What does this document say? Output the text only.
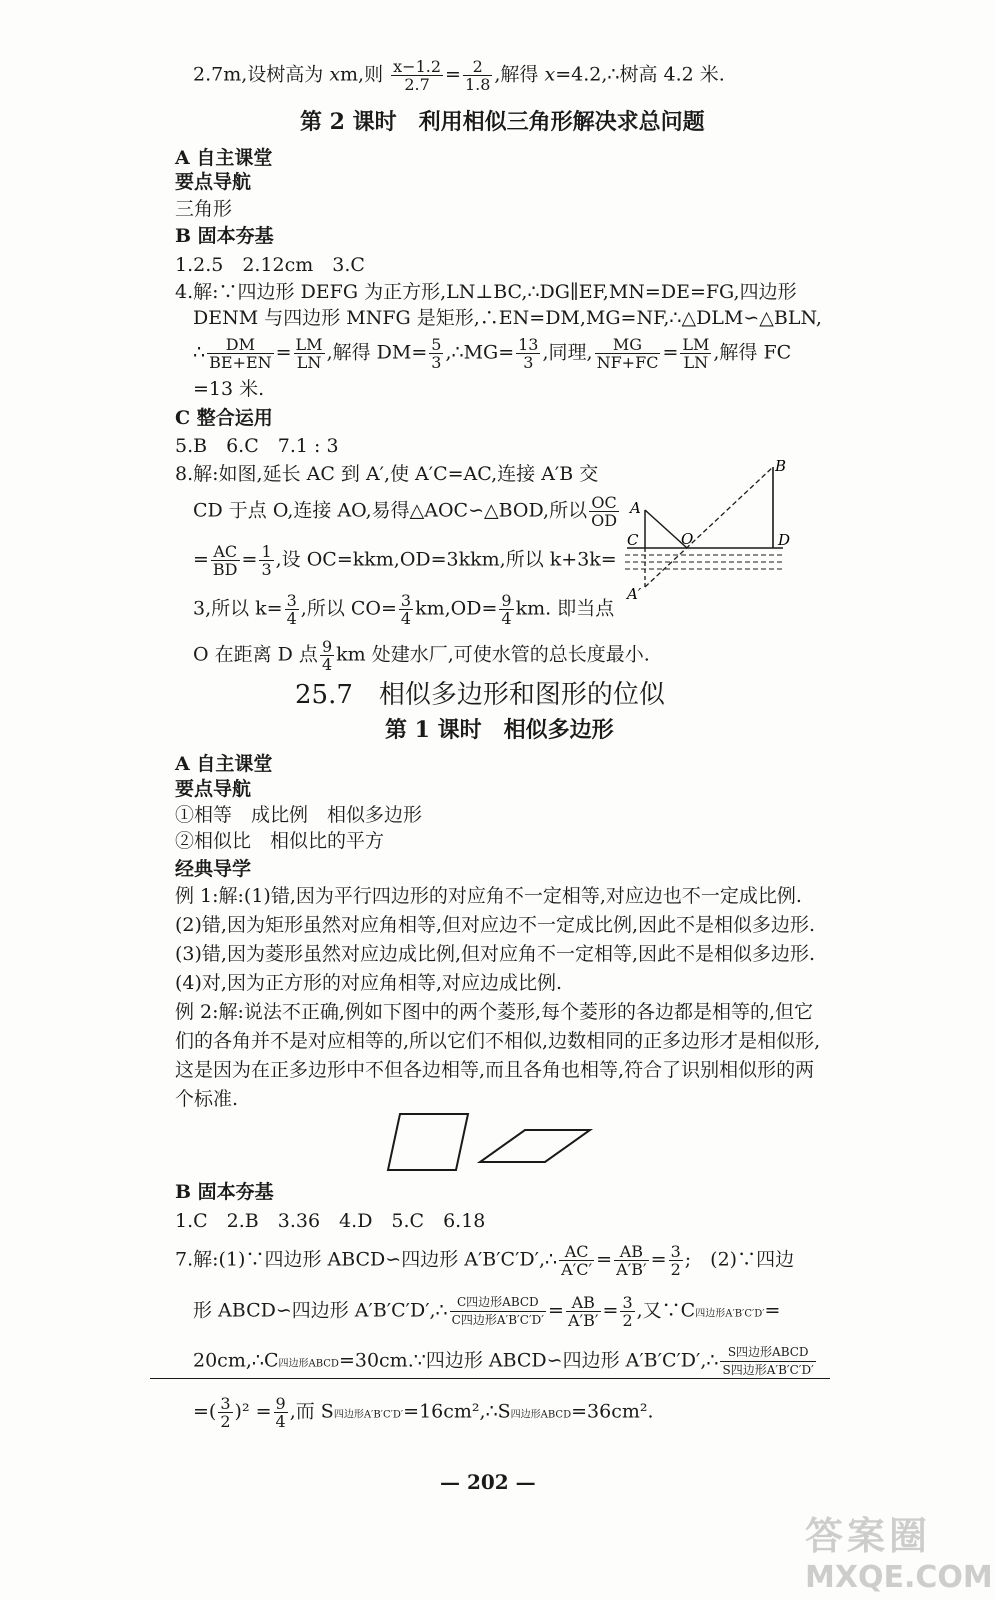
2.7m,设树高为 xm,则 $\frac{x-1.2}{2.7} = \frac{2}{1.8}$ ,解得 x=4.2,∴树高 4.2 米.
第 2 课时　利用相似三角形解决求总问题
A 自主课堂
要点导航
三角形
B 固本夯基
1.2.5　2.12cm　3.C
4.解:∵四边形 DEFG 为正方形,LN⊥BC,∴DG∥EF,MN=DE=FG,四边形
DENM 与四边形 MNFG 是矩形,∴EN=DM,MG=NF,∴△DLM∽△BLN,
∴ $\frac{DM}{BE+EN} = \frac{LM}{LN}$ ,解得 $DM= \frac{5}{3}$ ,∴MG= $\frac{13}{3}$ ,同理, $\frac{MG}{NF+FC} = \frac{LM}{LN}$ ,解得 FC
=13 米.
C 整合运用
5.B　6.C　7.1 : 3
8.解:如图,延长 AC 到 A′,使 A′C=AC,连接 A′B 交
CD 于点 O,连接 AO,易得△AOC∽△BOD,所以 $\frac{OC}{OD}$
= $\frac{AC}{BD} = \frac{1}{3}$ ,设 OC=kkm,OD=3kkm,所以 k+3k=
3,所以 $k= \frac{3}{4}$ ,所以 $CO= \frac{3}{4} km,OD= \frac{9}{4}$ km. 即当点
O 在距离 D 点 $\frac{9}{4}$ km 处建水厂,可使水管的总长度最小.
A
B
C	D
O
A′
25.7　相似多边形和图形的位似
第 1 课时　相似多边形
A 自主课堂
要点导航
①相等　成比例　相似多边形
②相似比　相似比的平方
经典导学
例 1:解:(1)错,因为平行四边形的对应角不一定相等,对应边也不一定成比例.
(2)错,因为矩形虽然对应角相等,但对应边不一定成比例,因此不是相似多边形.
(3)错,因为菱形虽然对应边成比例,但对应角不一定相等,因此不是相似多边形.
(4)对,因为正方形的对应角相等,对应边成比例.
例 2:解:说法不正确,例如下图中的两个菱形,每个菱形的各边都是相等的,但它
们的各角并不是对应相等的,所以它们不相似,边数相同的正多边形才是相似形,
这是因为在正多边形中不但各边相等,而且各角也相等,符合了识别相似形的两
个标准.
B 固本夯基
1.C　2.B　3.36　4.D　5.C　6.18
7.解:(1)∵四边形 ABCD∽四边形 A′B′C′D′,∴ $\frac{AC}{A'C'} = \frac{AB}{A'B'} = \frac{3}{2}$ ;　(2)∵四边
形 ABCD∽四边形 A′B′C′D′,∴ $\frac{\text{C四边形ABCD}}{\text{C四边形A′B′C′D′}} = \frac{AB}{A'B'} = \frac{3}{2}$ ,又∵C四边形A′B′C′D′=
20cm,∴C四边形ABCD=30cm.∵四边形 ABCD∽四边形 A′B′C′D′,∴ $\frac{\text{S四边形ABCD}}{\text{S四边形A′B′C′D′}}$
=( $\frac{3}{2} )^2 = \frac{9}{4}$ ,而 S四边形A′B′C′D′=16cm²,∴S四边形ABCD=36cm².
— 202 —
答案圈
MXQE.COM
